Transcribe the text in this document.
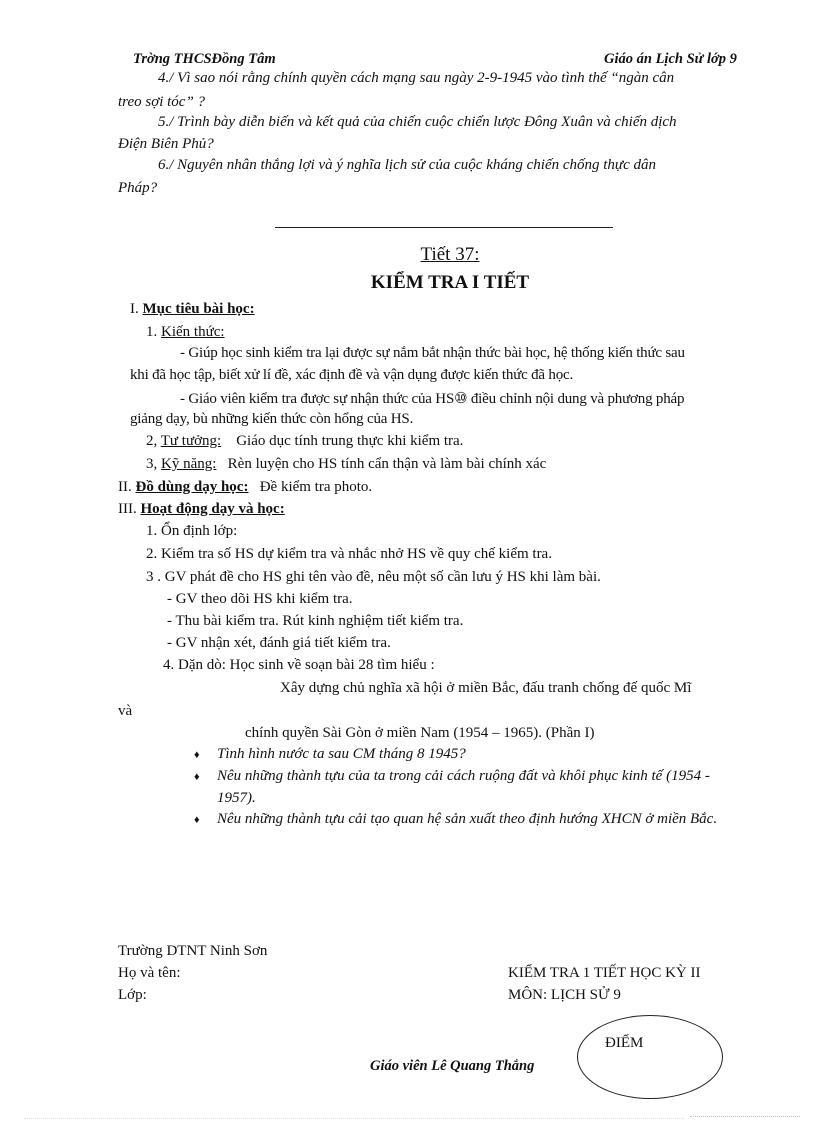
Trờng THCSĐồng Tâm	Giáo án Lịch Sử lớp 9
4./ Vì sao nói rằng chính quyền cách mạng sau ngày 2-9-1945 vào tình thế “ngàn cân
treo sợi tóc” ?
5./ Trình bày diễn biến và kết quả của chiến cuộc chiến lược Đông Xuân và chiến dịch
Điện Biên Phủ?
6./ Nguyên nhân thắng lợi và ý nghĩa lịch sử của cuộc kháng chiến chống thực dân
Pháp?
Tiết 37:
KIỂM TRA I TIẾT
I. Mục tiêu bài học:
1. Kiến thức:
- Giúp học sinh kiểm tra lại được sự nắm bắt nhận thức bài học, hệ thống kiến thức sau
khi đã học tập, biết xử lí đề, xác định đề và vận dụng được kiến thức đã học.
- Giáo viên kiểm tra được sự nhận thức của HS⑩ điều chỉnh nội dung và phương pháp
giảng dạy, bù những kiến thức còn hổng của HS.
2, Tư tưởng: Giáo dục tính trung thực khi kiểm tra.
3, Kỹ năng: Rèn luyện cho HS tính cẩn thận và làm bài chính xác
II. Đồ dùng dạy học: Đề kiểm tra photo.
III. Hoạt động dạy và học:
1. Ổn định lớp:
2. Kiểm tra số HS dự kiểm tra và nhắc nhở HS về quy chế kiểm tra.
3 . GV phát đề cho HS ghi tên vào đề, nêu một số cần lưu ý HS khi làm bài.
- GV theo dõi HS khi kiểm tra.
- Thu bài kiểm tra. Rút kinh nghiệm tiết kiểm tra.
- GV nhận xét, đánh giá tiết kiểm tra.
4. Dặn dò: Học sinh về soạn bài 28 tìm hiểu :
Xây dựng chủ nghĩa xã hội ở miền Bắc, đấu tranh chống đế quốc Mĩ
và
chính quyền Sài Gòn ở miền Nam (1954 – 1965). (Phần I)
♦ Tình hình nước ta sau CM tháng 8 1945?
♦ Nêu những thành tựu của ta trong cải cách ruộng đất và khôi phục kinh tế (1954 -
1957).
♦ Nêu những thành tựu cải tạo quan hệ sản xuất theo định hướng XHCN ở miền Bắc.
Trường DTNT Ninh Sơn
Họ và tên:
Lớp:
KIỂM TRA 1 TIẾT HỌC KỲ II
MÔN: LỊCH SỬ 9
ĐIỂM
Giáo viên Lê Quang Thắng
